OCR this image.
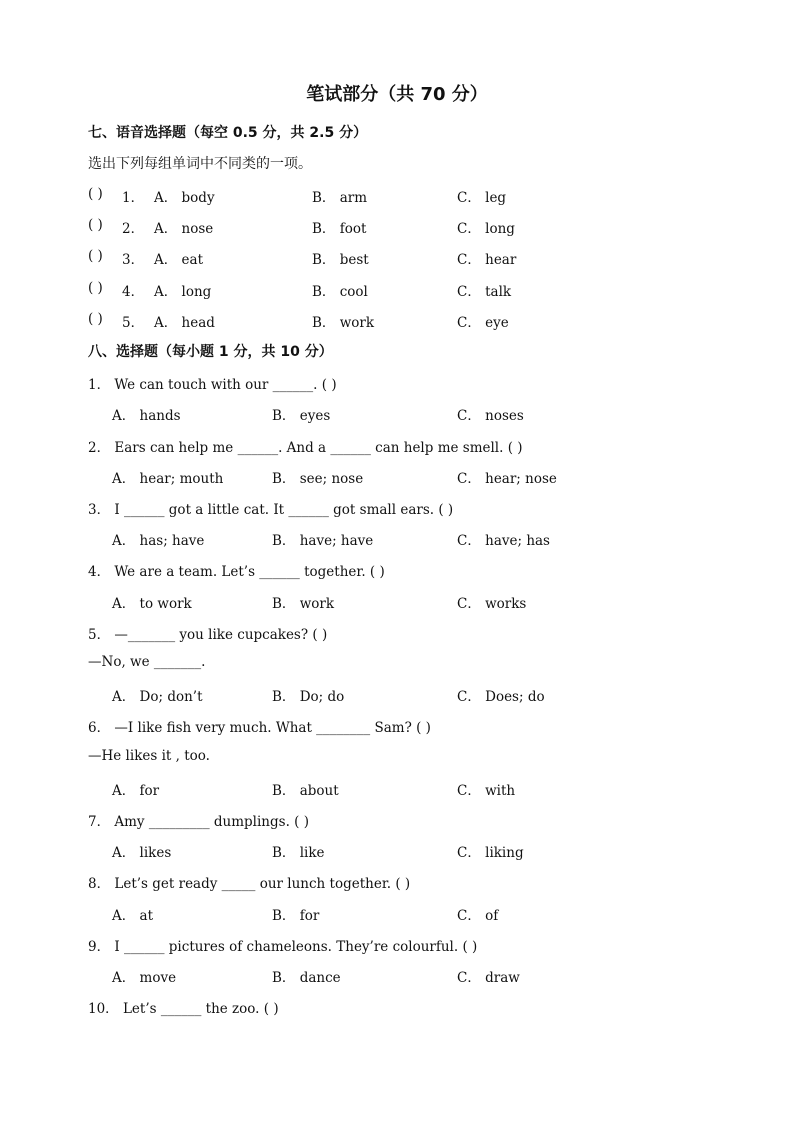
笔试部分（共 70 分）
七、语音选择题（每空 0.5 分，共 2.5 分）
选出下列每组单词中不同类的一项。
( ) 1． A． body	B． arm	C． leg
( ) 2． A． nose	B． foot	C． long
( ) 3． A． eat	B． best	C． hear
( ) 4． A． long	B． cool	C． talk
( ) 5． A． head	B． work	C． eye
八、选择题（每小题 1 分，共 10 分）
1． We can touch with our ______. ( )
A． hands	B． eyes	C． noses
2． Ears can help me ______. And a ______ can help me smell. ( )
A． hear; mouth	B． see; nose	C． hear; nose
3． I ______ got a little cat. It ______ got small ears. ( )
A． has; have	B． have; have	C． have; has
4． We are a team. Let’s ______ together. ( )
A． to work	B． work	C． works
5． —_______ you like cupcakes? ( )
—No, we _______.
A． Do; don’t	B． Do; do	C． Does; do
6． —I like fish very much. What ________ Sam? ( )
—He likes it , too.
A． for	B． about	C． with
7． Amy _________ dumplings. ( )
A． likes	B． like	C． liking
8． Let’s get ready _____ our lunch together. ( )
A． at	B． for	C． of
9． I ______ pictures of chameleons. They’re colourful. ( )
A． move	B． dance	C． draw
10． Let’s ______ the zoo. ( )
